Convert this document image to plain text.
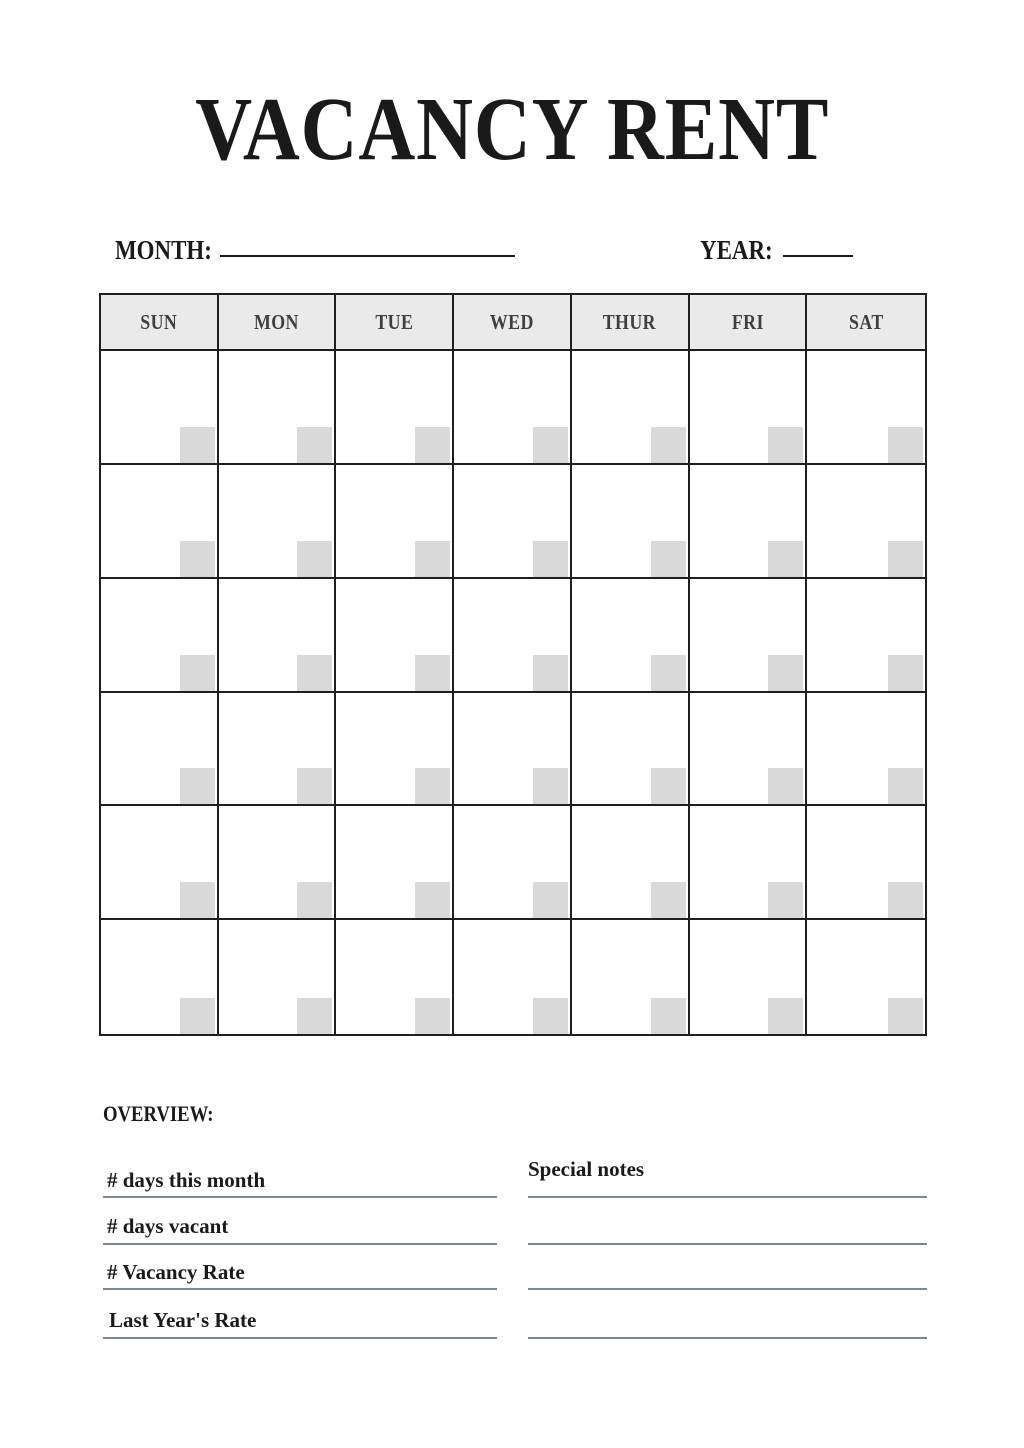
VACANCY RENT
MONTH:	YEAR:
SUN	MON	TUE	WED	THUR	FRI	SAT
OVERVIEW:
# days this month
# days vacant
# Vacancy Rate
Last Year's Rate
Special notes
